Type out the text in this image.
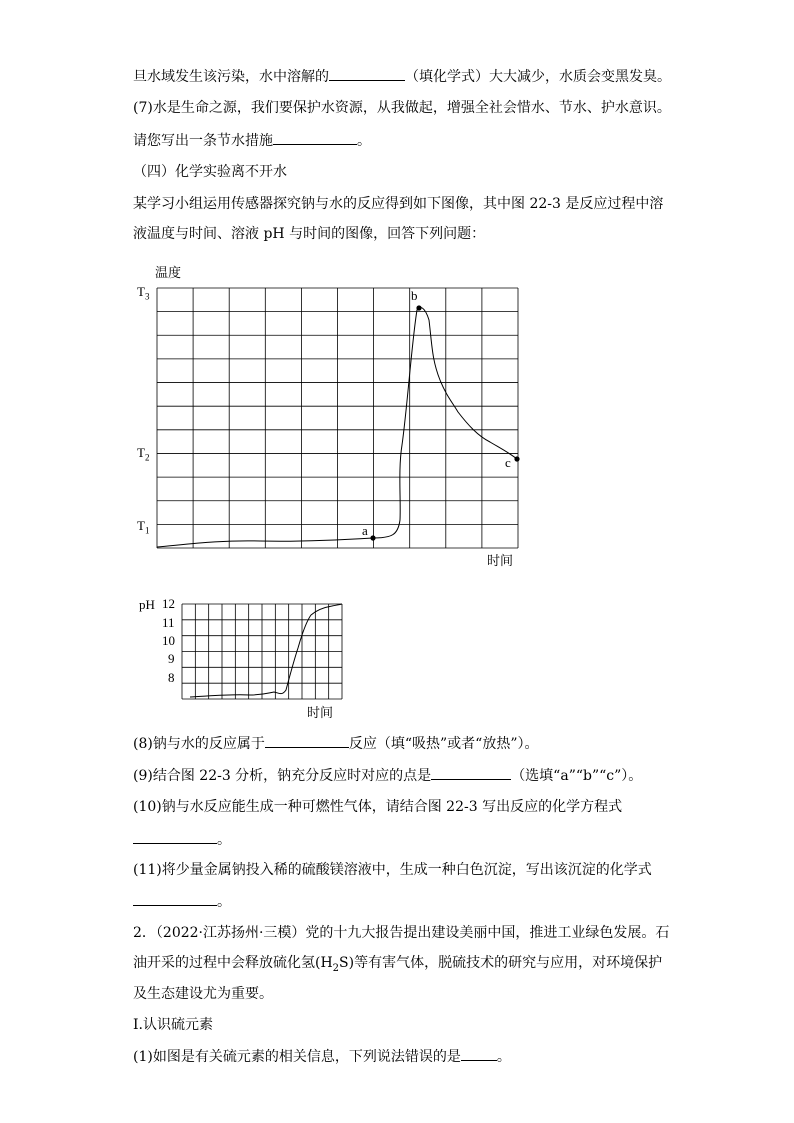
旦水域发生该污染，水中溶解的	（填化学式）大大减少，水质会变黑发臭。
(7)水是生命之源，我们要保护水资源，从我做起，增强全社会惜水、节水、护水意识。
请您写出一条节水措施	。
（四）化学实验离不开水
某学习小组运用传感器探究钠与水的反应得到如下图像，其中图 22-3 是反应过程中溶
液温度与时间、溶液 pH 与时间的图像，回答下列问题：
温度
$T_3$
$T_2$
$T_1$	a
b
c
时间
pH 12
11
10
9
8
时间
(8)钠与水的反应属于	反应（填“吸热”或者“放热”）。
(9)结合图 22-3 分析，钠充分反应时对应的点是	（选填“a”“b”“c”）。
(10)钠与水反应能生成一种可燃性气体，请结合图 22-3 写出反应的化学方程式
。
(11)将少量金属钠投入稀的硫酸镁溶液中，生成一种白色沉淀，写出该沉淀的化学式
。
2．（2022·江苏扬州·三模）党的十九大报告提出建设美丽中国，推进工业绿色发展。石
油开采的过程中会释放硫化氢$(H_2S)$等有害气体，脱硫技术的研究与应用，对环境保护
及生态建设尤为重要。
Ⅰ.认识硫元素
(1)如图是有关硫元素的相关信息，下列说法错误的是	。
